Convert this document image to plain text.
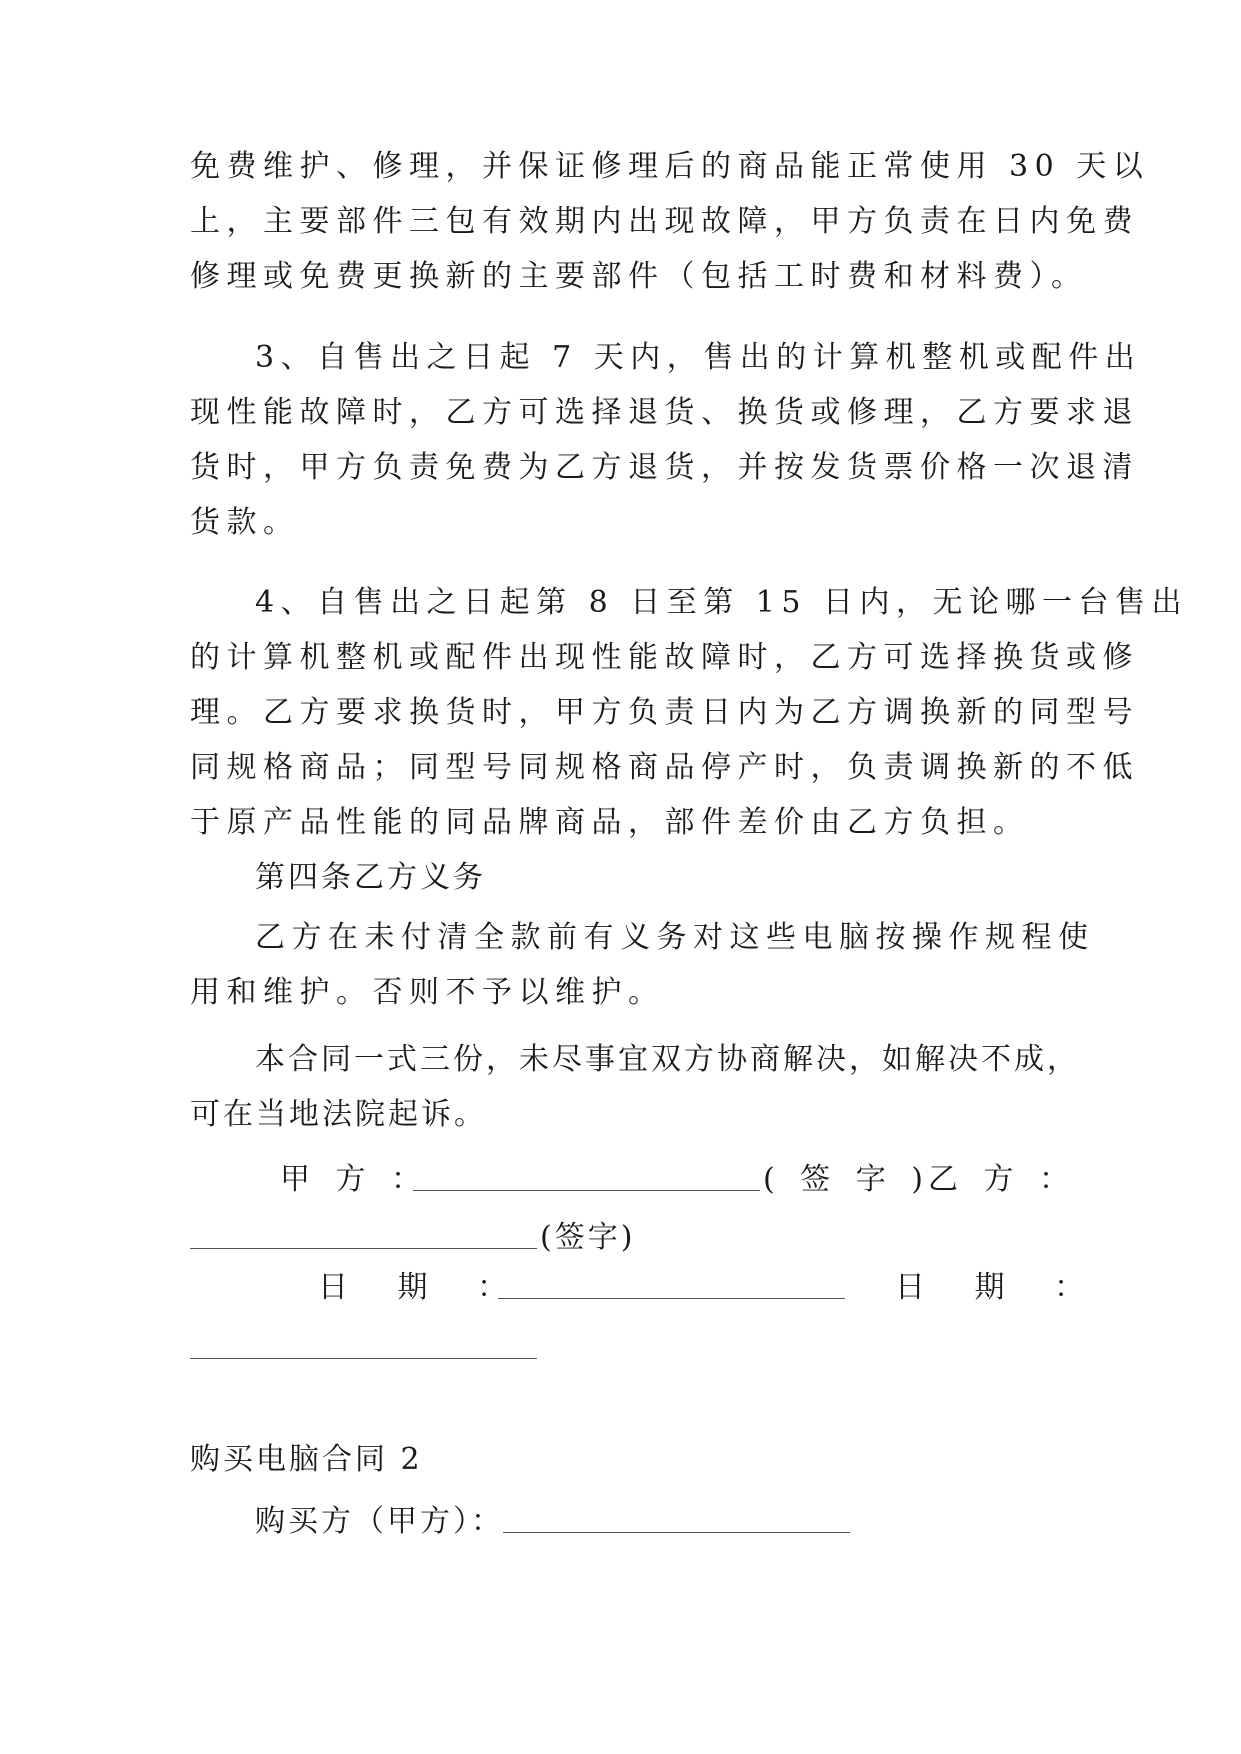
免费维护、修理，并保证修理后的商品能正常使用 30 天以
上，主要部件三包有效期内出现故障，甲方负责在日内免费
修理或免费更换新的主要部件（包括工时费和材料费）。
3、自售出之日起 7 天内，售出的计算机整机或配件出
现性能故障时，乙方可选择退货、换货或修理，乙方要求退
货时，甲方负责免费为乙方退货，并按发货票价格一次退清
货款。
4、自售出之日起第 8 日至第 15 日内，无论哪一台售出
的计算机整机或配件出现性能故障时，乙方可选择换货或修
理。乙方要求换货时，甲方负责日内为乙方调换新的同型号
同规格商品；同型号同规格商品停产时，负责调换新的不低
于原产品性能的同品牌商品，部件差价由乙方负担。
第四条乙方义务
乙方在未付清全款前有义务对这些电脑按操作规程使
用和维护。否则不予以维护。
本合同一式三份，未尽事宜双方协商解决，如解决不成，
可在当地法院起诉。
甲 方 ：	( 签 字 )
乙 方 ：
(签字)
日 期 ：	日 期 ：
购买电脑合同 2
购买方（甲方）：
